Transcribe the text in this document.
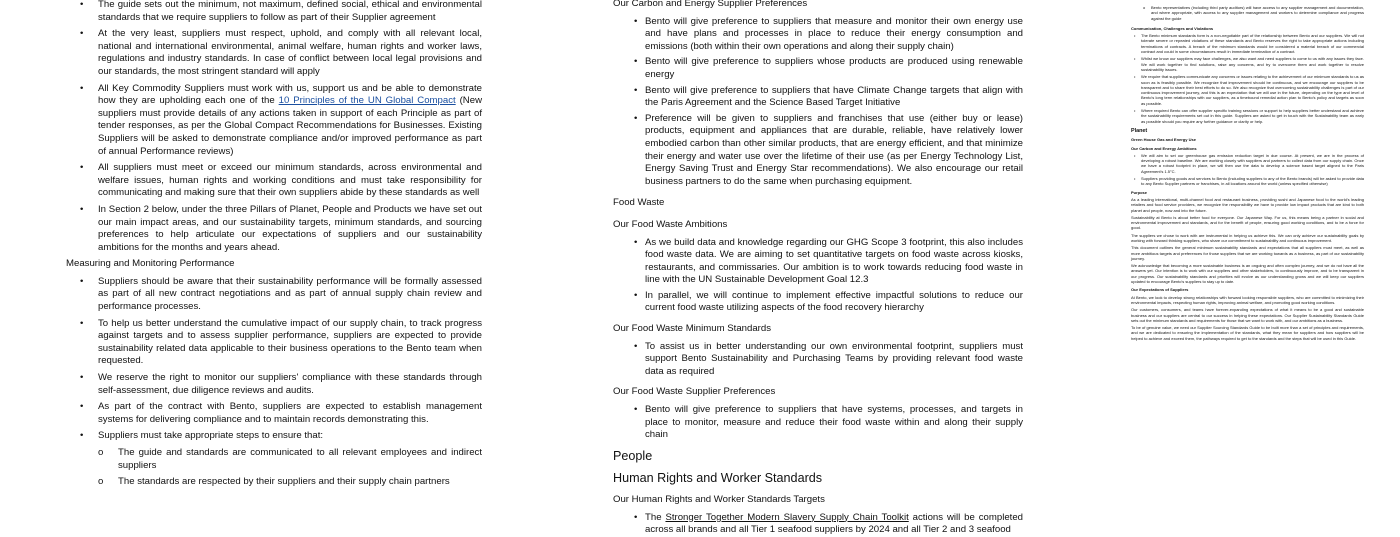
• The guide sets out the minimum, not maximum, defined social, ethical and environmental standards that we require suppliers to follow as part of their Supplier agreement

• At the very least, suppliers must respect, uphold, and comply with all relevant local, national and international environmental, animal welfare, human rights and worker laws, regulations and industry standards. In case of conflict between local legal provisions and our standards, the most stringent standard will apply

• All Key Commodity Suppliers must work with us, support us and be able to demonstrate how they are upholding each one of the 10 Principles of the UN Global Compact (New suppliers must provide details of any actions taken in support of each Principle as part of tender responses, as per the Global Compact Recommendations for Businesses. Existing Suppliers will be asked to demonstrate compliance and/or improved performance as part of annual Performance reviews)

• All suppliers must meet or exceed our minimum standards, across environmental and welfare issues, human rights and working conditions and must take responsibility for communicating and making sure that their own suppliers abide by these standards as well

• In Section 2 below, under the three Pillars of Planet, People and Products we have set out our main impact areas, and our sustainability targets, minimum standards, and sourcing preferences to help articulate our expectations of suppliers and our sustainability ambitions for the months and years ahead.

Measuring and Monitoring Performance

• Suppliers should be aware that their sustainability performance will be formally assessed as part of all new contract negotiations and as part of annual supply chain review and performance processes.

• To help us better understand the cumulative impact of our supply chain, to track progress against targets and to assess supplier performance, suppliers are expected to provide sustainability related data applicable to their business operations to the Bento team when requested.

• We reserve the right to monitor our suppliers' compliance with these standards through self-assessment, due diligence reviews and audits.

• As part of the contract with Bento, suppliers are expected to establish management systems for delivering compliance and to maintain records demonstrating this.

• Suppliers must take appropriate steps to ensure that:

o The guide and standards are communicated to all relevant employees and indirect suppliers

o The standards are respected by their suppliers and their supply chain partners

Our Carbon and Energy Supplier Preferences

• Bento will give preference to suppliers that measure and monitor their own energy use and have plans and processes in place to reduce their energy consumption and emissions (both within their own operations and along their supply chain)

• Bento will give preference to suppliers whose products are produced using renewable energy

• Bento will give preference to suppliers that have Climate Change targets that align with the Paris Agreement and the Science Based Target Initiative

• Preference will be given to suppliers and franchises that use (either buy or lease) products, equipment and appliances that are durable, reliable, have relatively lower embodied carbon than other similar products, that are energy efficient, and that minimize their energy and water use over the lifetime of their use (as per Energy Technology List, Energy Saving Trust and Energy Star recommendations). We also encourage our retail business partners to do the same when purchasing equipment.

Food Waste

Our Food Waste Ambitions

• As we build data and knowledge regarding our GHG Scope 3 footprint, this also includes food waste data. We are aiming to set quantitative targets on food waste across kiosks, restaurants, and commissaries. Our ambition is to work towards reducing food waste in line with the UN Sustainable Development Goal 12.3

• In parallel, we will continue to implement effective impactful solutions to reduce our current food waste utilizing aspects of the food recovery hierarchy

Our Food Waste Minimum Standards

• To assist us in better understanding our own environmental footprint, suppliers must support Bento Sustainability and Purchasing Teams by providing relevant food waste data as required

Our Food Waste Supplier Preferences

• Bento will give preference to suppliers that have systems, processes, and targets in place to monitor, measure and reduce their food waste within and along their supply chain

People

Human Rights and Worker Standards

Our Human Rights and Worker Standards Targets

• The Stronger Together Modern Slavery Supply Chain Toolkit actions will be completed across all brands and all Tier 1 seafood suppliers by 2024 and all Tier 2 and 3 seafood

o Bento representatives (including third party auditors) will have access to any supplier management and documentation, and where appropriate, with access to any supplier management and workers to determine compliance and progress against the guide

Communication, Challenges and Violations

• The Bento minimum standards form is a non-negotiable part of the relationship between Bento and our suppliers. We will not tolerate severe or repeated violations of these standards and Bento reserves the right to take appropriate actions including terminations of contracts. A breach of the minimum standards would be considered a material breach of our commercial contract and could in some circumstances result in immediate termination of a contract.

• Whilst we know our suppliers may face challenges, we also want and need suppliers to come to us with any issues they face. We will work together to find solutions, raise any concerns, and try to overcome them and work together to resolve sustainability issues.

• We require that suppliers communicate any concerns or issues relating to the achievement of our minimum standards to us as soon as is feasibly possible. We recognize that improvement should be continuous, and we encourage our suppliers to be transparent and to share their best efforts to do so. We also recognize that overcoming sustainability challenges is part of our continuous improvement journey, and this is an expectation that we will use in the future, depending on the type and level of Bento's long term relationships with our suppliers, as a timebound remedial action plan to Bento's policy and targets as soon as possible.

• Where required Bento can offer supplier specific training sessions or support to help suppliers better understand and achieve the sustainability requirements set out in this guide. Suppliers are asked to get in touch with the Sustainability team as early as possible should you require any further guidance or clarity or help.

Planet

Green House Gas and Energy Use

Our Carbon and Energy Ambitions

• We will aim to set our greenhouse gas emission reduction target in due course. At present, we are in the process of developing a robust baseline. We are working closely with suppliers and partners to collect data from our supply chain. Once we have a robust footprint in place, we will then use the data to develop a science based target aligned to the Paris Agreement's 1.5°C.

• Suppliers providing goods and services to Bento (including suppliers to any of the Bento brands) will be asked to provide data to any Bento Supplier partners or franchises, in all locations around the world (unless specified otherwise)

Purpose

As a leading international, multi-channel food and restaurant business, providing sushi and Japanese food to the world's leading retailers and food service providers, we recognize the responsibility we have to provide low impact products that are kind to both planet and people, now and into the future.

Sustainability at Bento is about better food for everyone. Our Japanese Way. For us, this means being a partner in social and environmental improvement and standards, and for the benefit of people, ensuring good working conditions, and to be a force for good.

The suppliers we chose to work with are instrumental in helping us achieve this. We can only achieve our sustainability goals by working with forward thinking suppliers, who share our commitment to sustainability and continuous improvement.

This document outlines the general minimum sustainability standards and expectations that all suppliers must meet, as well as more ambitious targets and preferences for those suppliers that we are working towards as a business, as part of our sustainability journey.

We acknowledge that becoming a more sustainable business is an ongoing and often complex journey, and we do not have all the answers yet. Our intention is to work with our suppliers and other stakeholders, to continuously improve, and to be transparent in our progress. Our sustainability standards and priorities will evolve as our understanding grows and we will keep our suppliers updated to encourage Bento's suppliers to stay up to date.

Our Expectations of Suppliers

At Bento, we look to develop strong relationships with forward looking responsible suppliers, who are committed to minimizing their environmental impacts, respecting human rights, improving animal welfare, and promoting good working conditions.

Our customers, consumers, and teams have forever-expanding expectations of what it means to be a good and sustainable business and our suppliers are central to our success in helping these expectations. Our Supplier Sustainability Standards Guide sets out the minimum standards and requirements for those that we want to work with, and our ambitions as a business.

To be of genuine value, we need our Supplier Sourcing Standards Guide to be built more than a set of principles and requirements, and we are dedicated to ensuring the implementation of the standards, what they mean for suppliers and how suppliers will be helped to achieve and exceed them, the pathways required to get to the standards and the steps that will be used in this Guide.
